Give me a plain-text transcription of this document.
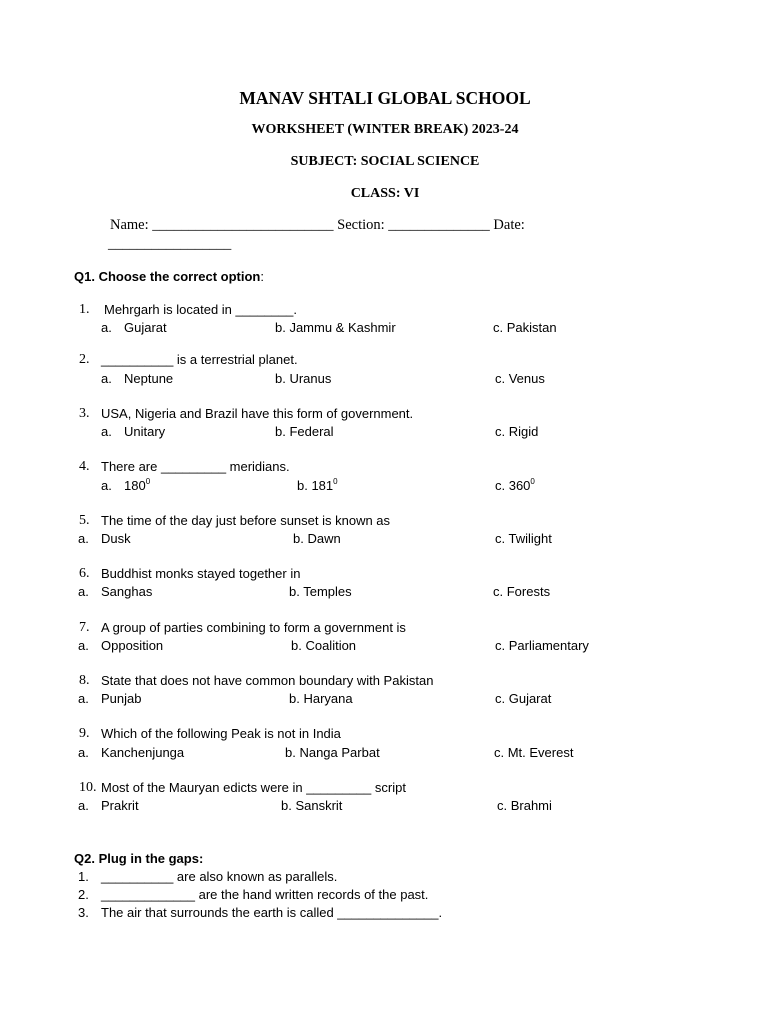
MANAV SHTALI GLOBAL SCHOOL
WORKSHEET (WINTER BREAK) 2023-24
SUBJECT: SOCIAL SCIENCE
CLASS: VI
Name: _________________________ Section: ______________ Date:
_________________
Q1. Choose the correct option:
1. Mehrgarh is located in ________.
a. Gujarat	b. Jammu & Kashmir	c. Pakistan
2. __________ is a terrestrial planet.
a. Neptune	b. Uranus	c. Venus
3. USA, Nigeria and Brazil have this form of government.
a. Unitary	b. Federal	c. Rigid
4. There are _________ meridians.
a. $180^0$	b. $181^0$	c. $360^0$
5. The time of the day just before sunset is known as
a. Dusk	b. Dawn	c. Twilight
6. Buddhist monks stayed together in
a. Sanghas	b. Temples	c. Forests
7. A group of parties combining to form a government is
a. Opposition	b. Coalition	c. Parliamentary
8. State that does not have common boundary with Pakistan
a. Punjab	b. Haryana	c. Gujarat
9. Which of the following Peak is not in India
a. Kanchenjunga	b. Nanga Parbat	c. Mt. Everest
10. Most of the Mauryan edicts were in _________ script
a. Prakrit	b. Sanskrit	c. Brahmi
Q2. Plug in the gaps:
1. __________ are also known as parallels.
2. _____________ are the hand written records of the past.
3. The air that surrounds the earth is called ______________.
